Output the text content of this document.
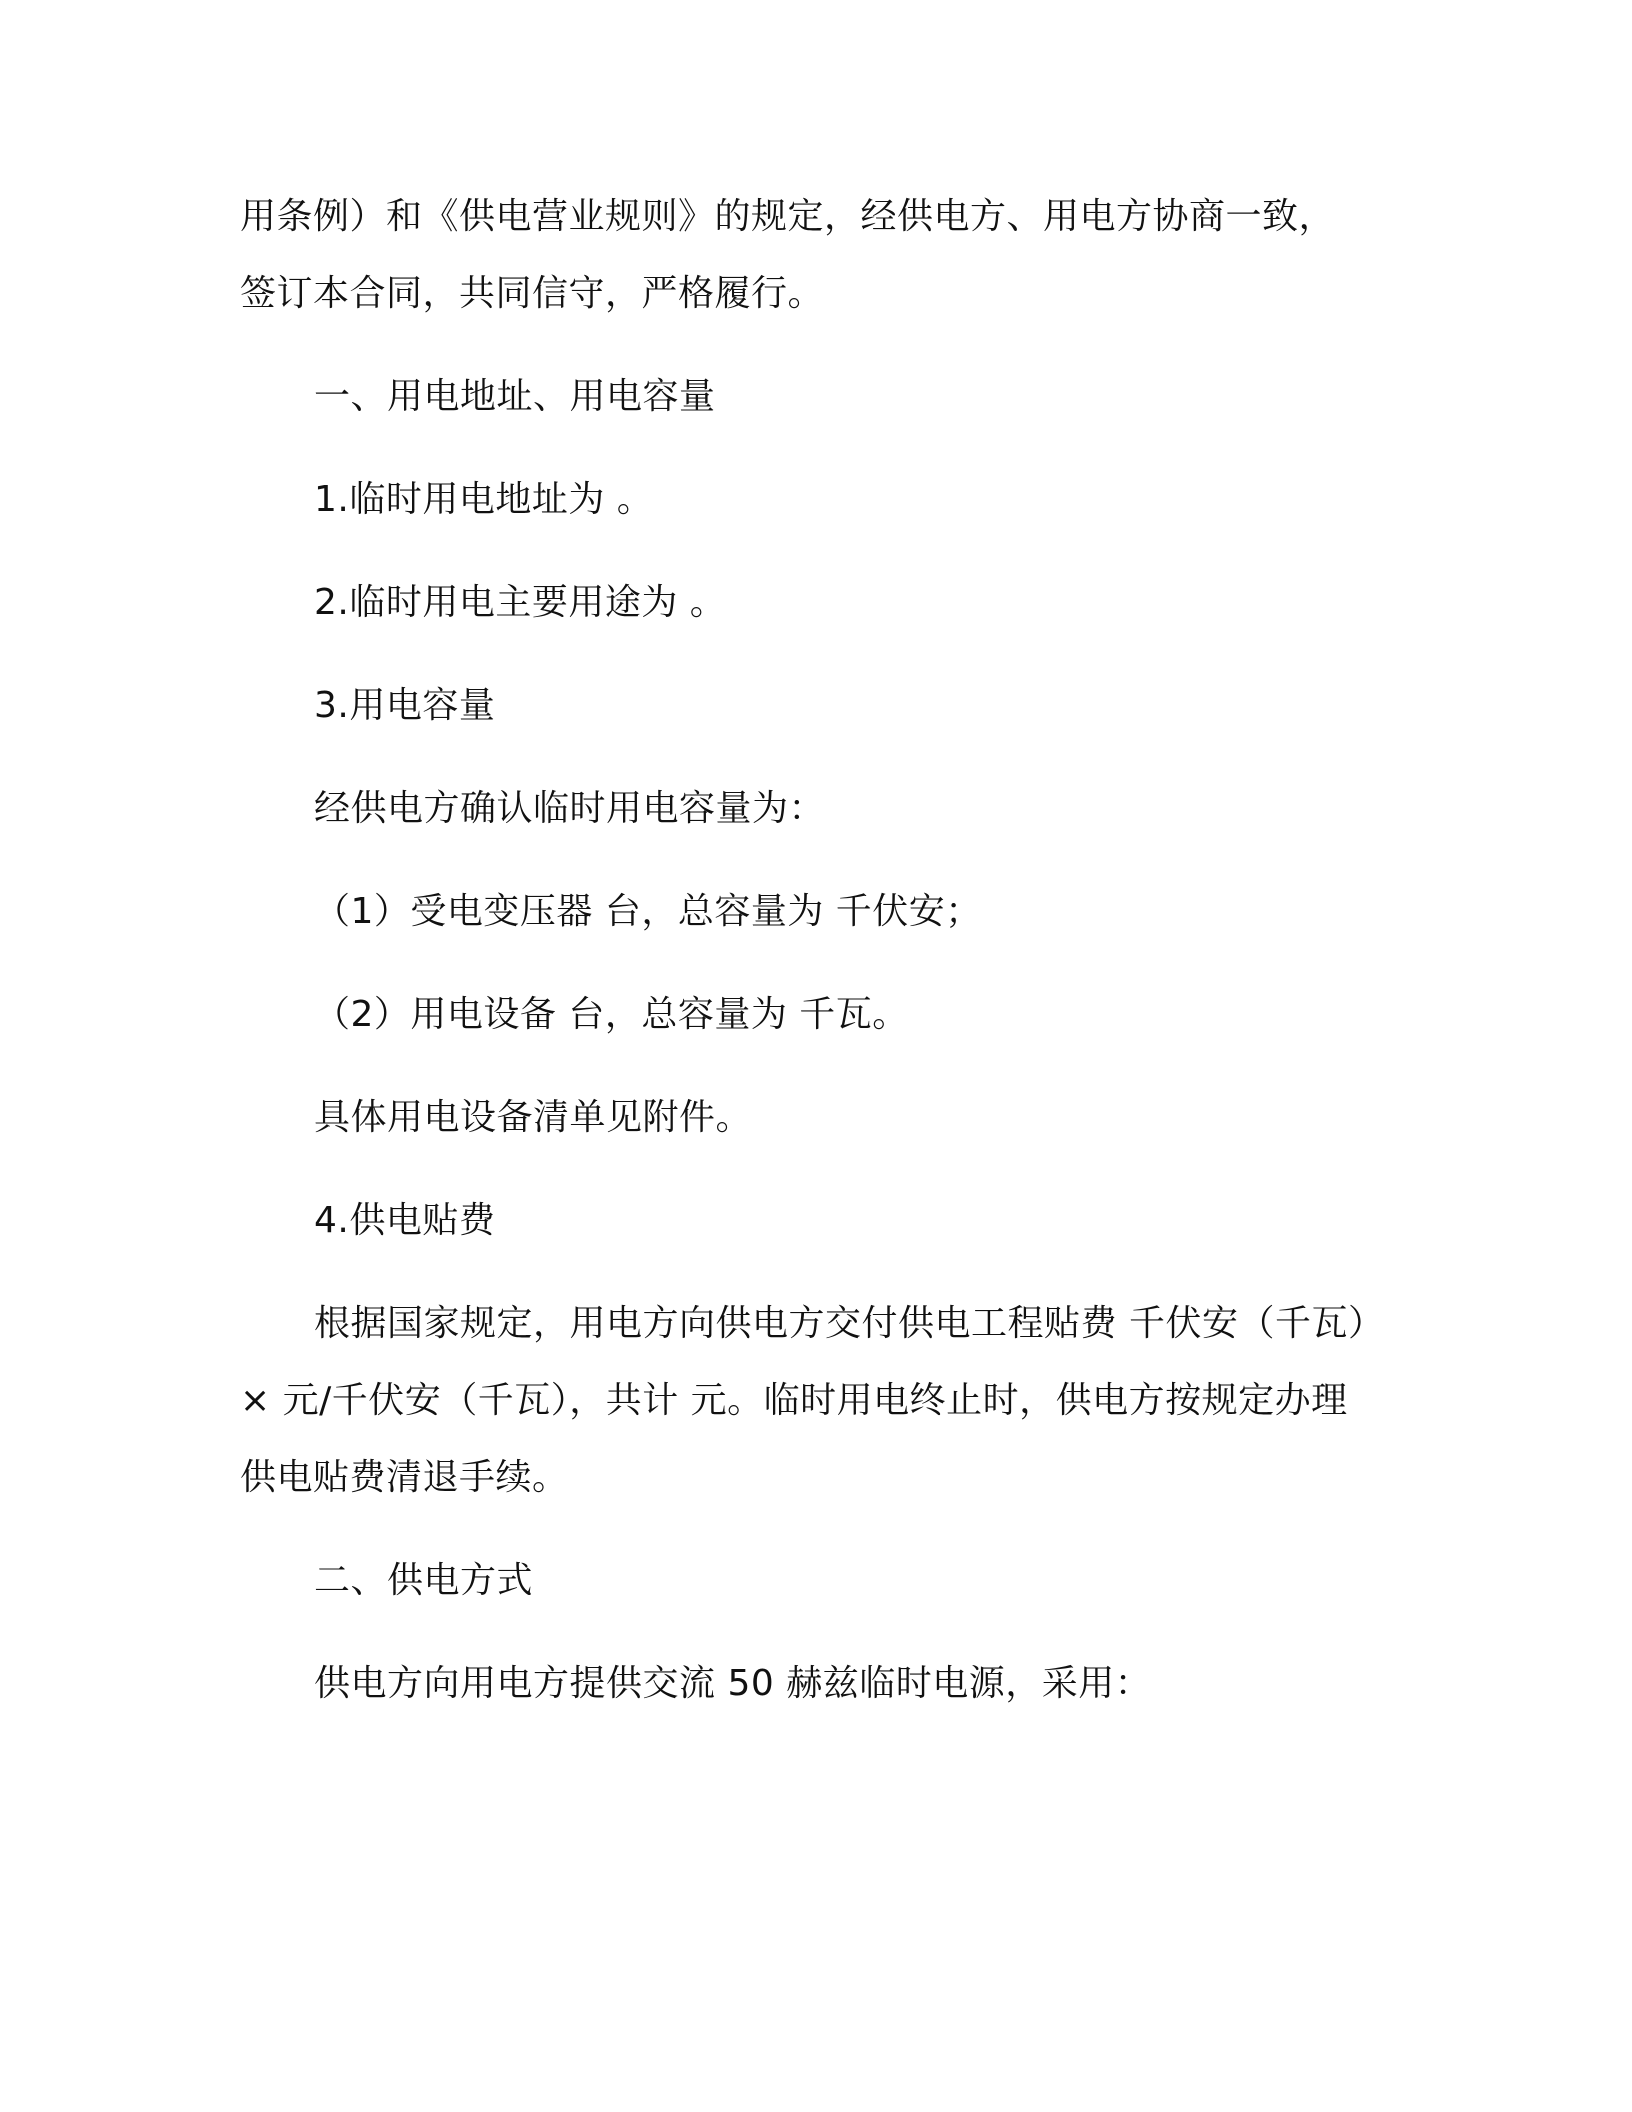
用条例）和《供电营业规则》的规定，经供电方、用电方协商一致，
签订本合同，共同信守，严格履行。
一、用电地址、用电容量
1.临时用电地址为 。
2.临时用电主要用途为 。
3.用电容量
经供电方确认临时用电容量为：
（1）受电变压器 台，总容量为 千伏安；
（2）用电设备 台，总容量为 千瓦。
具体用电设备清单见附件。
4.供电贴费
根据国家规定，用电方向供电方交付供电工程贴费 千伏安（千瓦）
× 元/千伏安（千瓦），共计 元。临时用电终止时，供电方按规定办理
供电贴费清退手续。
二、供电方式
供电方向用电方提供交流 50 赫兹临时电源，采用：
